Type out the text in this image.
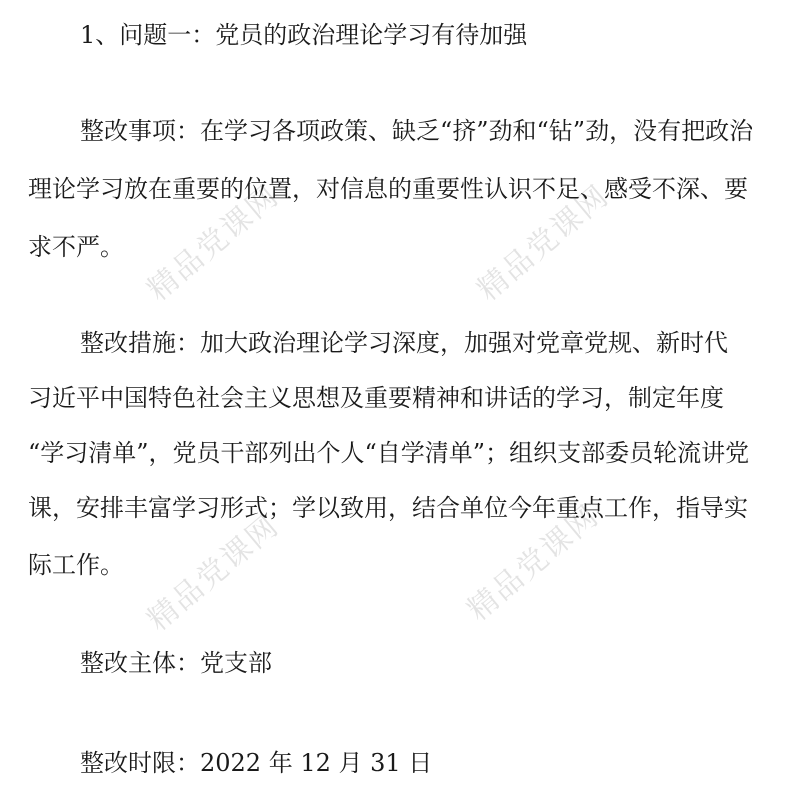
精品党课网	精品党课网
精品党课网	精品党课网
1、问题一：党员的政治理论学习有待加强
整改事项：在学习各项政策、缺乏“挤”劲和“钻”劲，没有把政治
理论学习放在重要的位置，对信息的重要性认识不足、感受不深、要
求不严。
整改措施：加大政治理论学习深度，加强对党章党规、新时代
习近平中国特色社会主义思想及重要精神和讲话的学习，制定年度
“学习清单”，党员干部列出个人“自学清单”；组织支部委员轮流讲党
课，安排丰富学习形式；学以致用，结合单位今年重点工作，指导实
际工作。
整改主体：党支部
整改时限：2022 年 12 月 31 日
